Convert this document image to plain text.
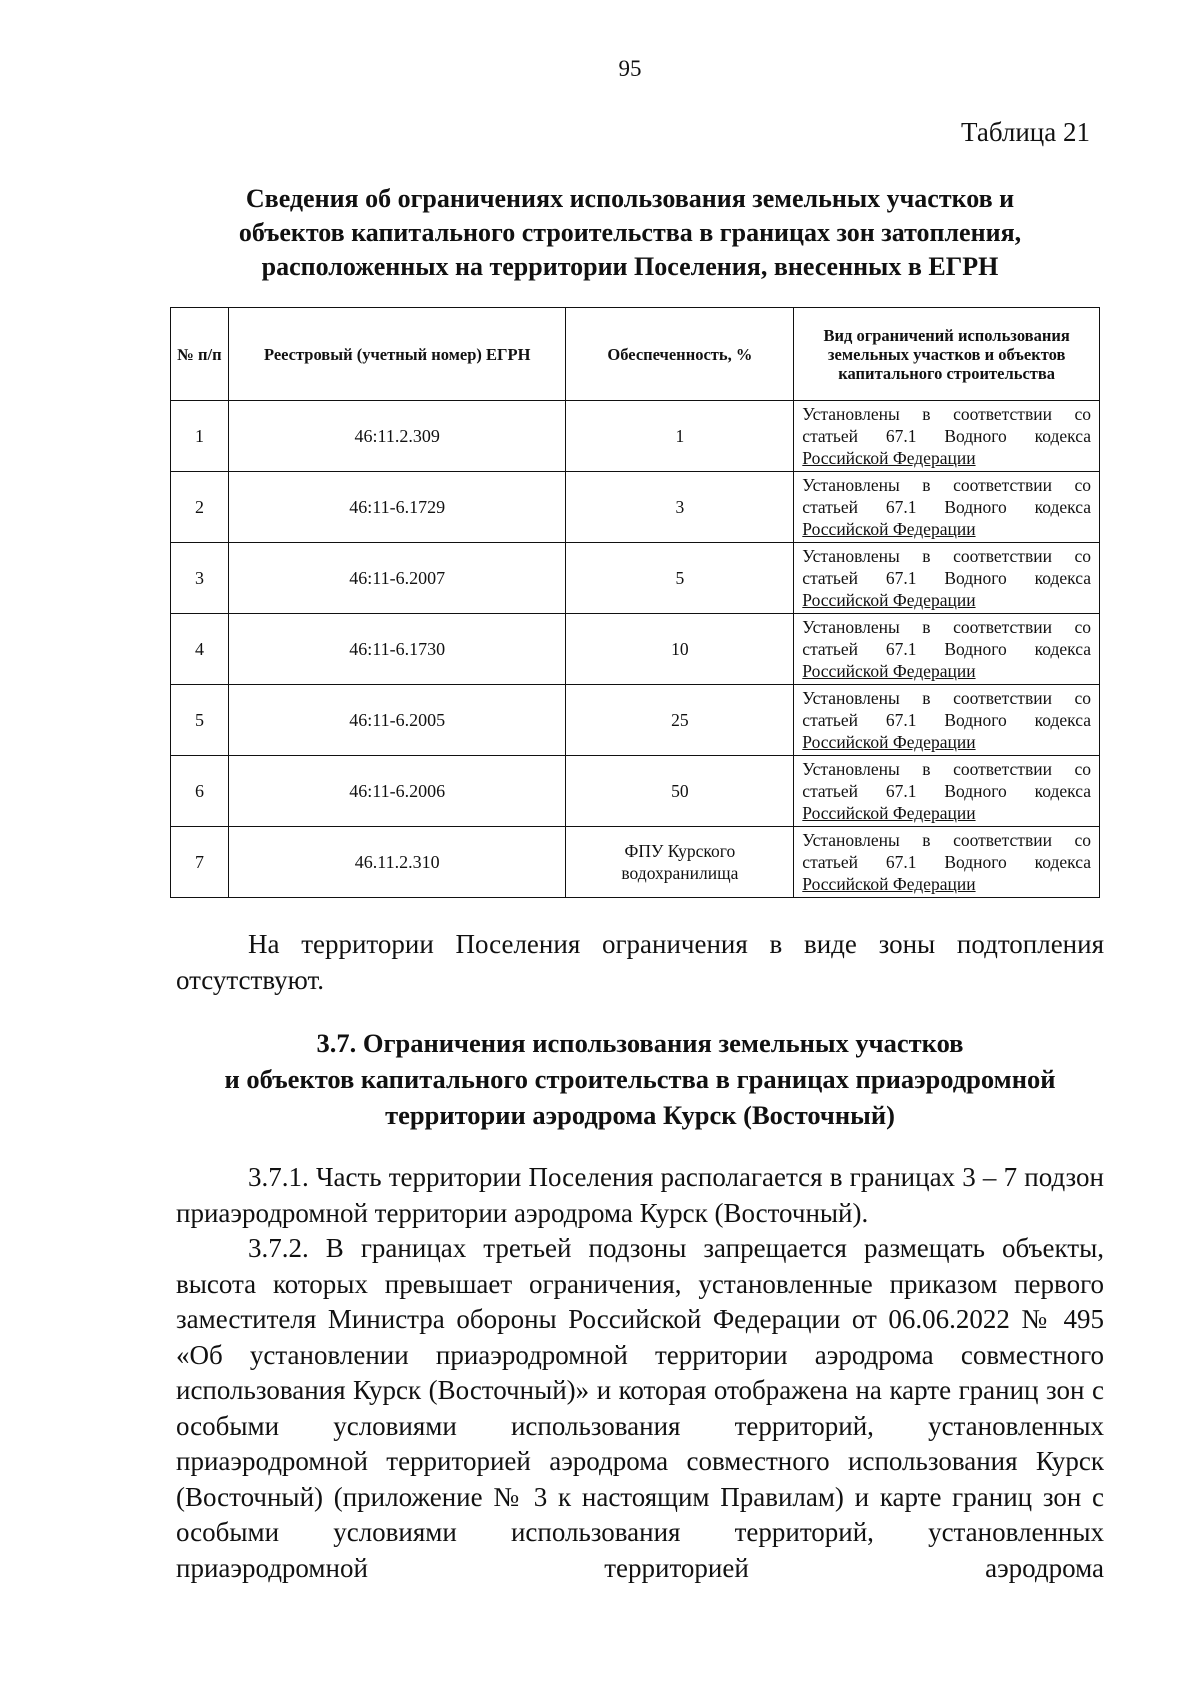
95
Таблица 21
Сведения об ограничениях использования земельных участков и
объектов капитального строительства в границах зон затопления,
расположенных на территории Поселения, внесенных в ЕГРН
№ п/п	Реестровый (учетный номер) ЕГРН	Обеспеченность, %	Вид ограничений использования земельных участков и объектов капитального строительства
1	46:11.2.309	1	Установлены в соответствии со
статьей 67.1 Водного кодекса
Российской Федерации

2	46:11-6.1729	3	Установлены в соответствии со
статьей 67.1 Водного кодекса
Российской Федерации

3	46:11-6.2007	5	Установлены в соответствии со
статьей 67.1 Водного кодекса
Российской Федерации

4	46:11-6.1730	10	Установлены в соответствии со
статьей 67.1 Водного кодекса
Российской Федерации

5	46:11-6.2005	25	Установлены в соответствии со
статьей 67.1 Водного кодекса
Российской Федерации

6	46:11-6.2006	50	Установлены в соответствии со
статьей 67.1 Водного кодекса
Российской Федерации

7	46.11.2.310	ФПУ Курского водохранилища	Установлены в соответствии со
статьей 67.1 Водного кодекса
Российской Федерации
На территории Поселения ограничения в виде зоны подтопления отсутствуют.
3.7. Ограничения использования земельных участков
и объектов капитального строительства в границах приаэродромной
территории аэродрома Курск (Восточный)

3.7.1. Часть территории Поселения располагается в границах 3 – 7 подзон приаэродромной территории аэродрома Курск (Восточный).

3.7.2. В границах третьей подзоны запрещается размещать объекты, высота которых превышает ограничения, установленные приказом первого заместителя Министра обороны Российской Федерации от 06.06.2022 № 495 «Об установлении приаэродромной территории аэродрома совместного использования Курск (Восточный)» и которая отображена на карте границ зон с особыми условиями использования территорий, установленных приаэродромной территорией аэродрома совместного использования Курск (Восточный) (приложение № 3 к настоящим Правилам) и карте границ зон с особыми условиями использования территорий, установленных приаэродромной территорией аэродрома
